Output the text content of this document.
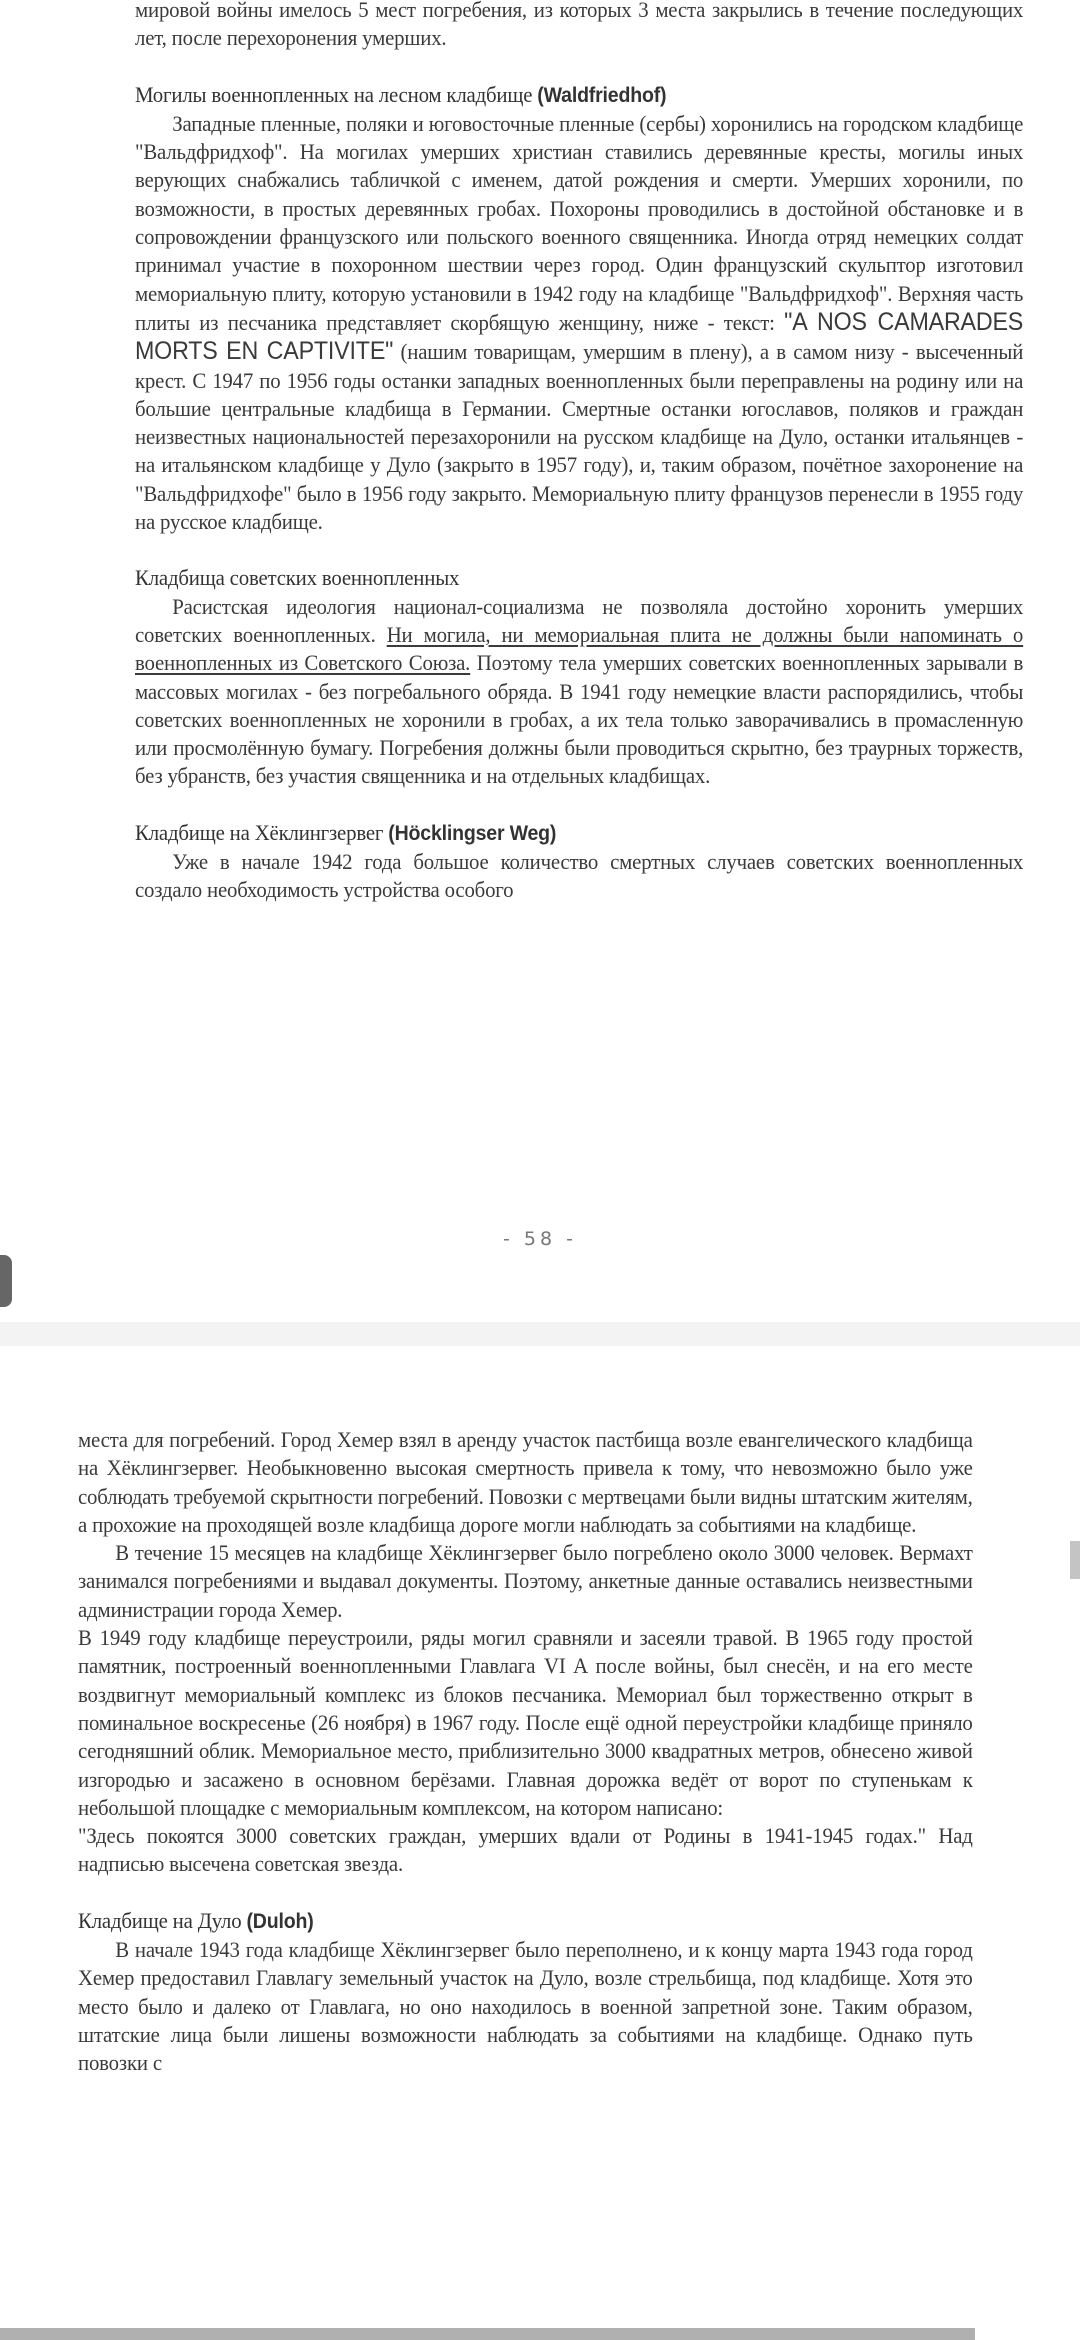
мировой войны имелось 5 мест погребения, из которых 3 места закрылись в течение последующих лет, после перехоронения умерших.

Могилы военнопленных на лесном кладбище (Waldfriedhof)

Западные пленные, поляки и юговосточные пленные (сербы) хоронились на городском кладбище "Вальдфридхоф". На могилах умерших христиан ставились деревянные кресты, могилы иных верующих снабжались табличкой с именем, датой рождения и смерти. Умерших хоронили, по возможности, в простых деревянных гробах. Похороны проводились в достойной обстановке и в сопровождении французского или польского военного священника. Иногда отряд немецких солдат принимал участие в похоронном шествии через город. Один французский скульптор изготовил мемориальную плиту, которую установили в 1942 году на кладбище "Вальдфридхоф". Верхняя часть плиты из песчаника представляет скорбящую женщину, ниже - текст: "A NOS CAMARADES MORTS EN CAPTIVITE" (нашим товарищам, умершим в плену), а в самом низу - высеченный крест. С 1947 по 1956 годы останки западных военнопленных были переправлены на родину или на большие центральные кладбища в Германии. Смертные останки югославов, поляков и граждан неизвестных национальностей перезахоронили на русском кладбище на Дуло, останки итальянцев - на итальянском кладбище у Дуло (закрыто в 1957 году), и, таким образом, почётное захоронение на "Вальдфридхофе" было в 1956 году закрыто. Мемориальную плиту французов перенесли в 1955 году на русское кладбище.

Кладбища советских военнопленных

Расистская идеология национал-социализма не позволяла достойно хоронить умерших советских военнопленных. Ни могила, ни мемориальная плита не должны были напоминать о военнопленных из Советского Союза. Поэтому тела умерших советских военнопленных зарывали в массовых могилах - без погребального обряда. В 1941 году немецкие власти распорядились, чтобы советских военнопленных не хоронили в гробах, а их тела только заворачивались в промасленную или просмолённую бумагу. Погребения должны были проводиться скрытно, без траурных торжеств, без убранств, без участия священника и на отдельных кладбищах.

Кладбище на Хёклингзервег (Höcklingser Weg)

Уже в начале 1942 года большое количество смертных случаев советских военнопленных создало необходимость устройства особого

- 58 -

места для погребений. Город Хемер взял в аренду участок пастбища возле евангелического кладбища на Хёклингзервег. Необыкновенно высокая смертность привела к тому, что невозможно было уже соблюдать требуемой скрытности погребений. Повозки с мертвецами были видны штатским жителям, а прохожие на проходящей возле кладбища дороге могли наблюдать за событиями на кладбище.

В течение 15 месяцев на кладбище Хёклингзервег было погреблено около 3000 человек. Вермахт занимался погребениями и выдавал документы. Поэтому, анкетные данные оставались неизвестными администрации города Хемер.

В 1949 году кладбище переустроили, ряды могил сравняли и засеяли травой. В 1965 году простой памятник, построенный военнопленными Главлага VI A после войны, был снесён, и на его месте воздвигнут мемориальный комплекс из блоков песчаника. Мемориал был торжественно открыт в поминальное воскресенье (26 ноября) в 1967 году. После ещё одной переустройки кладбище приняло сегодняшний облик. Мемориальное место, приблизительно 3000 квадратных метров, обнесено живой изгородью и засажено в основном берёзами. Главная дорожка ведёт от ворот по ступенькам к небольшой площадке с мемориальным комплексом, на котором написано:

"Здесь покоятся 3000 советских граждан, умерших вдали от Родины в 1941-1945 годах." Над надписью высечена советская звезда.

Кладбище на Дуло (Duloh)

В начале 1943 года кладбище Хёклингзервег было переполнено, и к концу марта 1943 года город Хемер предоставил Главлагу земельный участок на Дуло, возле стрельбища, под кладбище. Хотя это место было и далеко от Главлага, но оно находилось в военной запретной зоне. Таким образом, штатские лица были лишены возможности наблюдать за событиями на кладбище. Однако путь повозки с
